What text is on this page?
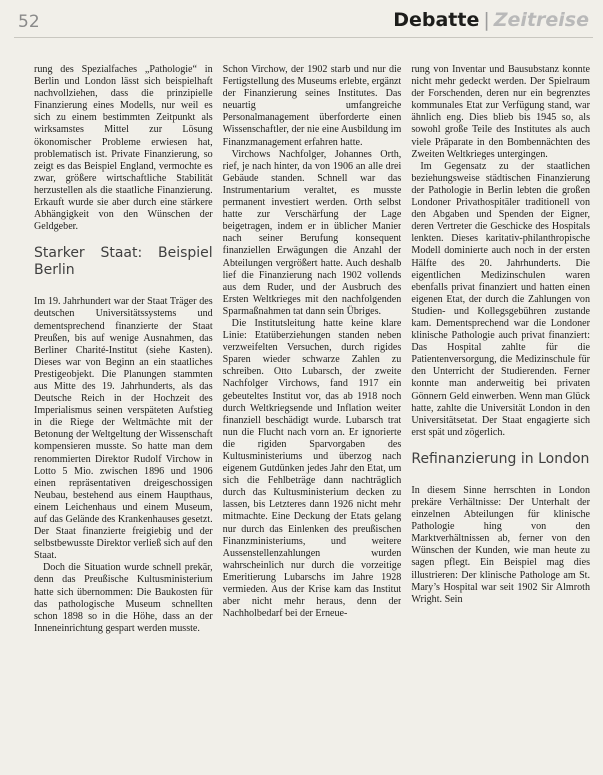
52	Debatte | Zeitreise

rung des Spezialfaches „Pathologie“ in Berlin und London lässt sich beispielhaft nachvollziehen, dass die prinzipielle Finanzierung eines Modells, nur weil es sich zu einem bestimmten Zeitpunkt als wirksamstes Mittel zur Lösung ökonomischer Probleme erwiesen hat, problematisch ist. Private Finanzierung, so zeigt es das Beispiel England, vermochte es zwar, größere wirtschaftliche Stabilität herzustellen als die staatliche Finanzierung. Erkauft wurde sie aber durch eine stärkere Abhängigkeit von den Wünschen der Geldgeber.

Starker Staat: Beispiel Berlin

Im 19. Jahrhundert war der Staat Träger des deutschen Universitätssystems und dementsprechend finanzierte der Staat Preußen, bis auf wenige Ausnahmen, das Berliner Charité-Institut (siehe Kasten). Dieses war von Beginn an ein staatliches Prestigeobjekt. Die Planungen stammten aus Mitte des 19. Jahrhunderts, als das Deutsche Reich in der Hochzeit des Imperialismus seinen verspäteten Aufstieg in die Riege der Weltmächte mit der Betonung der Weltgeltung der Wissenschaft kompensieren musste. So hatte man dem renommierten Direktor Rudolf Virchow in Lotto 5 Mio. zwischen 1896 und 1906 einen repräsentativen dreigeschossigen Neubau, bestehend aus einem Haupthaus, einem Leichenhaus und einem Museum, auf das Gelände des Krankenhauses gesetzt. Der Staat finanzierte freigiebig und der selbstbewusste Direktor verließ sich auf den Staat.

Doch die Situation wurde schnell prekär, denn das Preußische Kultusministerium hatte sich übernommen: Die Baukosten für das pathologische Museum schnellten schon 1898 so in die Höhe, dass an der Inneneinrichtung gespart werden musste.

Schon Virchow, der 1902 starb und nur die Fertigstellung des Museums erlebte, ergänzt der Finanzierung seines Institutes. Das neuartig umfangreiche Personalmanagement überforderte einen Wissenschaftler, der nie eine Ausbildung im Finanzmanagement erfahren hatte.

Virchows Nachfolger, Johannes Orth, rief, je nach hinter, da von 1906 an alle drei Gebäude standen. Schnell war das Instrumentarium veraltet, es musste permanent investiert werden. Orth selbst hatte zur Verschärfung der Lage beigetragen, indem er in üblicher Manier nach seiner Berufung konsequent finanziellen Erwägungen die Anzahl der Abteilungen vergrößert hatte. Auch deshalb lief die Finanzierung nach 1902 vollends aus dem Ruder, und der Ausbruch des Ersten Weltkrieges mit den nachfolgenden Sparmaßnahmen tat dann sein Übriges.

Die Institutsleitung hatte keine klare Linie: Etatüberziehungen standen neben verzweifelten Versuchen, durch rigides Sparen wieder schwarze Zahlen zu schreiben. Otto Lubarsch, der zweite Nachfolger Virchows, fand 1917 ein gebeuteltes Institut vor, das ab 1918 noch durch Weltkriegsende und Inflation weiter finanziell beschädigt wurde. Lubarsch trat nun die Flucht nach vorn an. Er ignorierte die rigiden Sparvorgaben des Kultusministeriums und überzog nach eigenem Gutdünken jedes Jahr den Etat, um sich die Fehlbeträge dann nachträglich durch das Kultusministerium decken zu lassen, bis Letzteres dann 1926 nicht mehr mitmachte. Eine Deckung der Etats gelang nur durch das Einlenken des preußischen Finanzministeriums, und weitere Aussenstellenzahlungen wurden wahrscheinlich nur durch die vorzeitige Emeritierung Lubarschs im Jahre 1928 vermieden. Aus der Krise kam das Institut aber nicht mehr heraus, denn der Nachholbedarf bei der Erneue-

rung von Inventar und Bausubstanz konnte nicht mehr gedeckt werden. Der Spielraum der Forschenden, deren nur ein begrenztes kommunales Etat zur Verfügung stand, war ähnlich eng. Dies blieb bis 1945 so, als sowohl große Teile des Institutes als auch viele Präparate in den Bombennächten des Zweiten Weltkrieges untergingen.

Im Gegensatz zu der staatlichen beziehungsweise städtischen Finanzierung der Pathologie in Berlin lebten die großen Londoner Privathospitäler traditionell von den Abgaben und Spenden der Eigner, deren Vertreter die Geschicke des Hospitals lenkten. Dieses karitativ-philanthropische Modell dominierte auch noch in der ersten Hälfte des 20. Jahrhunderts. Die eigentlichen Medizinschulen waren ebenfalls privat finanziert und hatten einen eigenen Etat, der durch die Zahlungen von Studien- und Kollegsgebühren zustande kam. Dementsprechend war die Londoner klinische Pathologie auch privat finanziert: Das Hospital zahlte für die Patientenversorgung, die Medizinschule für den Unterricht der Studierenden. Ferner konnte man anderweitig bei privaten Gönnern Geld einwerben. Wenn man Glück hatte, zahlte die Universität London in den Universitätsetat. Der Staat engagierte sich erst spät und zögerlich.

Refinanzierung in London

In diesem Sinne herrschten in London prekäre Verhältnisse: Der Unterhalt der einzelnen Abteilungen für klinische Pathologie hing von den Marktverhältnissen ab, ferner von den Wünschen der Kunden, wie man heute zu sagen pflegt. Ein Beispiel mag dies illustrieren: Der klinische Pathologe am St. Mary’s Hospital war seit 1902 Sir Almroth Wright. Sein
